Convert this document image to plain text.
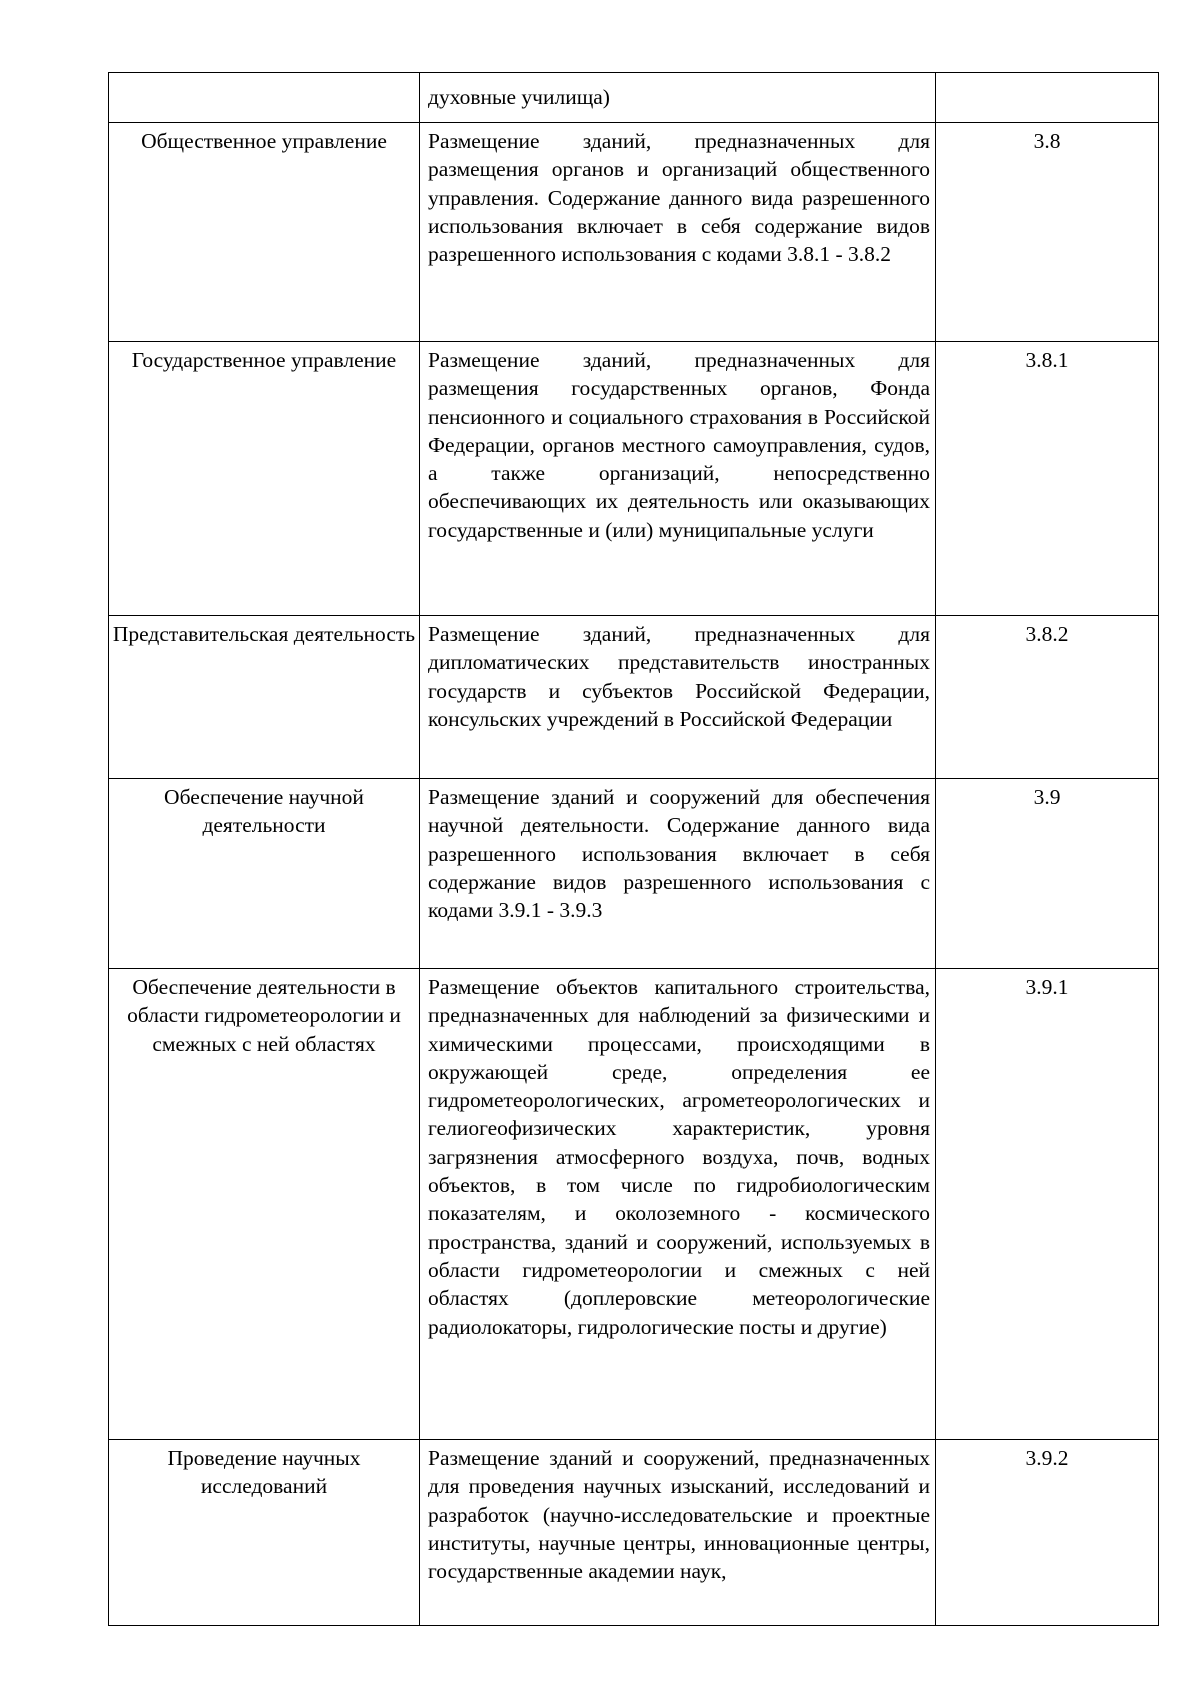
	духовные училища)	
Общественное управление	Размещение зданий, предназначенных для размещения органов и организаций общественного управления. Содержание данного вида разрешенного использования включает в себя содержание видов разрешенного использования с кодами 3.8.1 - 3.8.2	3.8
Государственное управление	Размещение зданий, предназначенных для размещения государственных органов, Фонда пенсионного и социального страхования в Российской Федерации, органов местного самоуправления, судов, а также организаций, непосредственно обеспечивающих их деятельность или оказывающих государственные и (или) муниципальные услуги	3.8.1
Представительская деятельность	Размещение зданий, предназначенных для дипломатических представительств иностранных государств и субъектов Российской Федерации, консульских учреждений в Российской Федерации	3.8.2
Обеспечение научной деятельности	Размещение зданий и сооружений для обеспечения научной деятельности. Содержание данного вида разрешенного использования включает в себя содержание видов разрешенного использования с кодами 3.9.1 - 3.9.3	3.9
Обеспечение деятельности в области гидрометеорологии и смежных с ней областях	Размещение объектов капитального строительства, предназначенных для наблюдений за физическими и химическими процессами, происходящими в окружающей среде, определения ее гидрометеорологических, агрометеорологических и гелиогеофизических характеристик, уровня загрязнения атмосферного воздуха, почв, водных объектов, в том числе по гидробиологическим показателям, и околоземного - космического пространства, зданий и сооружений, используемых в области гидрометеорологии и смежных с ней областях (доплеровские метеорологические радиолокаторы, гидрологические посты и другие)	3.9.1
Проведение научных исследований	Размещение зданий и сооружений, предназначенных для проведения научных изысканий, исследований и разработок (научно-исследовательские и проектные институты, научные центры, инновационные центры, государственные академии наук,	3.9.2
